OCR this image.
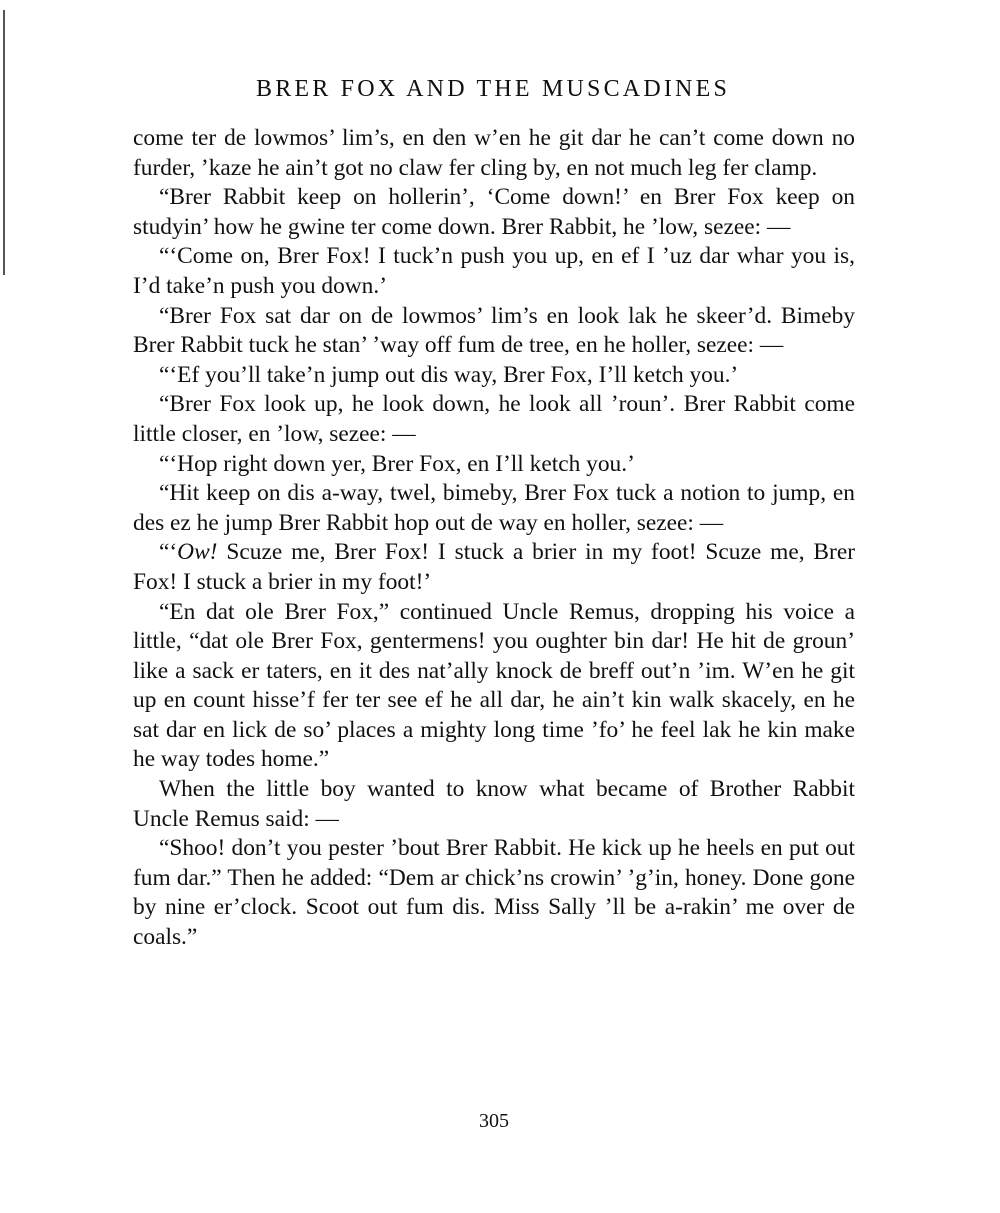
BRER FOX AND THE MUSCADINES

come ter de lowmos’ lim’s, en den w’en he git dar he can’t come down no furder, ’kaze he ain’t got no claw fer cling by, en not much leg fer clamp.

“Brer Rabbit keep on hollerin’, ‘Come down!’ en Brer Fox keep on studyin’ how he gwine ter come down. Brer Rabbit, he ’low, sezee: —

“‘Come on, Brer Fox! I tuck’n push you up, en ef I ’uz dar whar you is, I’d take’n push you down.’

“Brer Fox sat dar on de lowmos’ lim’s en look lak he skeer’d. Bimeby Brer Rabbit tuck he stan’ ’way off fum de tree, en he holler, sezee: —

“‘Ef you’ll take’n jump out dis way, Brer Fox, I’ll ketch you.’

“Brer Fox look up, he look down, he look all ’roun’. Brer Rabbit come little closer, en ’low, sezee: —

“‘Hop right down yer, Brer Fox, en I’ll ketch you.’

“Hit keep on dis a-way, twel, bimeby, Brer Fox tuck a notion to jump, en des ez he jump Brer Rabbit hop out de way en holler, sezee: —

“‘Ow! Scuze me, Brer Fox! I stuck a brier in my foot! Scuze me, Brer Fox! I stuck a brier in my foot!’

“En dat ole Brer Fox,” continued Uncle Remus, dropping his voice a little, “dat ole Brer Fox, gentermens! you oughter bin dar! He hit de groun’ like a sack er taters, en it des nat’ally knock de breff out’n ’im. W’en he git up en count hisse’f fer ter see ef he all dar, he ain’t kin walk skacely, en he sat dar en lick de so’ places a mighty long time ’fo’ he feel lak he kin make he way todes home.”

When the little boy wanted to know what became of Brother Rabbit Uncle Remus said: —

“Shoo! don’t you pester ’bout Brer Rabbit. He kick up he heels en put out fum dar.” Then he added: “Dem ar chick’ns crowin’ ’g’in, honey. Done gone by nine er’clock. Scoot out fum dis. Miss Sally ’ll be a-rakin’ me over de coals.”

305
